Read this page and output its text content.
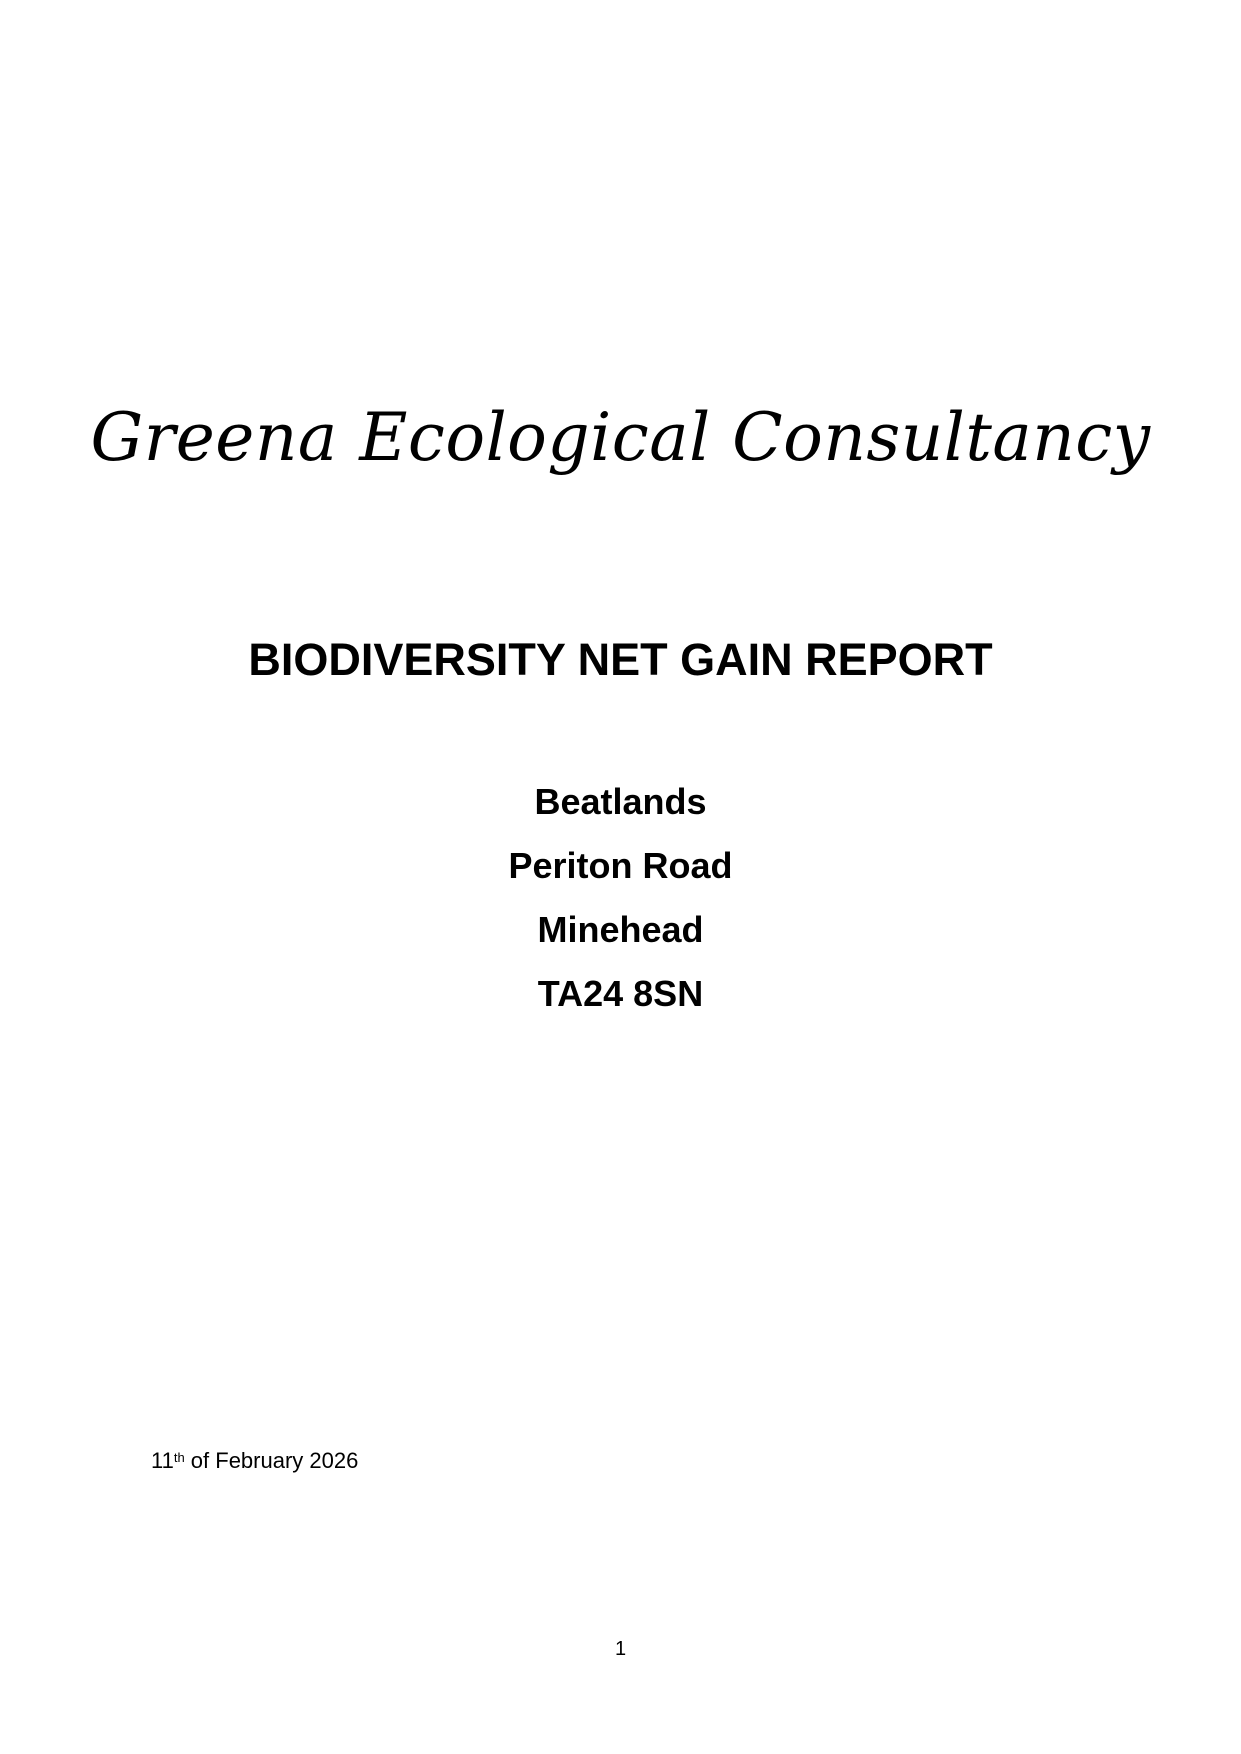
Greena Ecological Consultancy
BIODIVERSITY NET GAIN REPORT
Beatlands
Periton Road
Minehead
TA24 8SN
11th of February 2026
1
